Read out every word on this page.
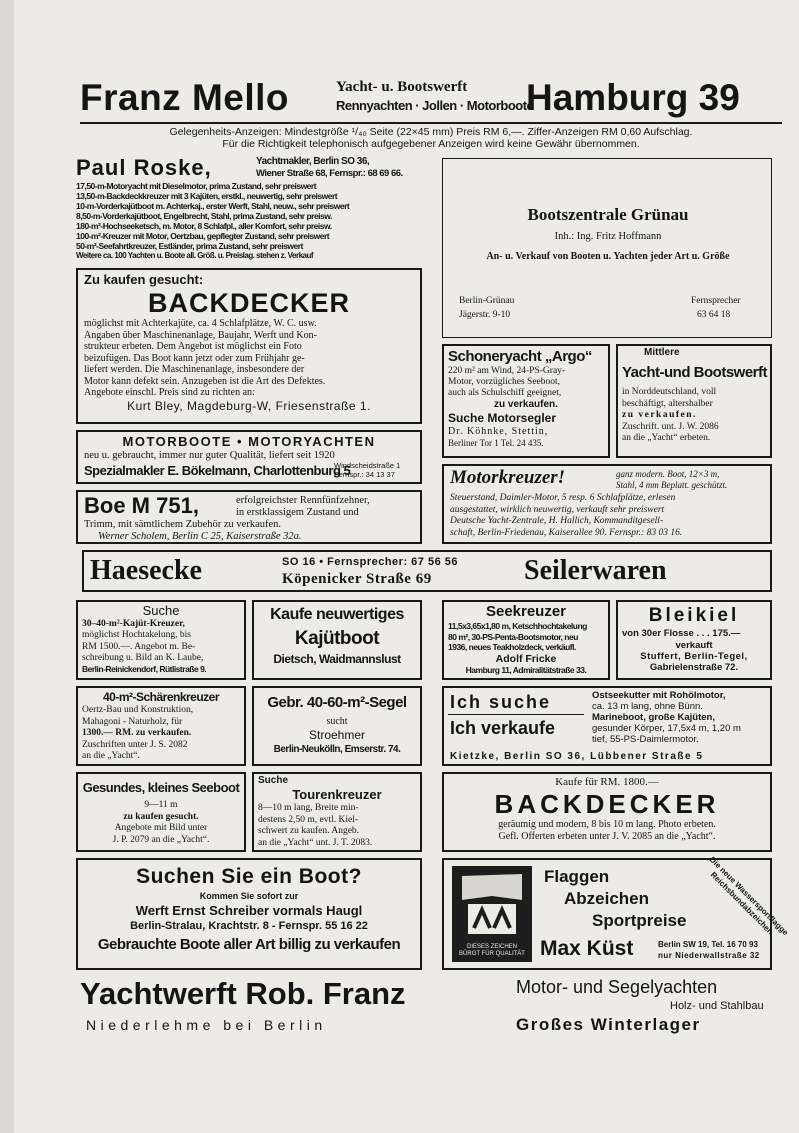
Franz Mello	Yacht- u. Bootswerft
Rennyachten · Jollen · Motorboote
Hamburg 39
Gelegenheits-Anzeigen: Mindestgröße ¹/₄₀ Seite (22×45 mm) Preis RM 6,—. Ziffer-Anzeigen RM 0,60 Aufschlag.
Für die Richtigkeit telephonisch aufgegebener Anzeigen wird keine Gewähr übernommen.
Paul Roske,	Yachtmakler, Berlin SO 36,
Wiener Straße 68, Fernspr.: 68 69 66.
17,50-m-Motoryacht mit Dieselmotor, prima Zustand, sehr preiswert
13,50-m-Backdeckkreuzer mit 3 Kajüten, erstkl., neuwertig, sehr preiswert
10-m-Vorderkajütboot m. Achterkaj., erster Werft, Stahl, neuw., sehr preiswert
8,50-m-Vorderkajütboot, Engelbrecht, Stahl, prima Zustand, sehr preisw.
180-m²-Hochseeketsch, m. Motor, 8 Schlafpl., aller Komfort, sehr preisw.
100-m²-Kreuzer mit Motor, Oertzbau, gepflegter Zustand, sehr preiswert
50-m²-Seefahrtkreuzer, Estländer, prima Zustand, sehr preiswert
Weitere ca. 100 Yachten u. Boote all. Größ. u. Preislag. stehen z. Verkauf
Zu kaufen gesucht:
BACKDECKER
möglichst mit Achterkajüte, ca. 4 Schlafplätze, W. C. usw.
Angaben über Maschinenanlage, Baujahr, Werft und Kon-
strukteur erbeten. Dem Angebot ist möglichst ein Foto
beizufügen. Das Boot kann jetzt oder zum Frühjahr ge-
liefert werden. Die Maschinenanlage, insbesondere der
Motor kann defekt sein. Anzugeben ist die Art des Defektes.
Angebote einschl. Preis sind zu richten an:
Kurt Bley, Magdeburg-W, Friesenstraße 1.
MOTORBOOTE • MOTORYACHTEN
neu u. gebraucht, immer nur guter Qualität, liefert seit 1920
Spezialmakler E. Bökelmann, Charlottenburg 5
Windscheidstraße 1
Fernspr.: 34 13 37
Boe M 751,	erfolgreichster Rennfünfzehner,
in erstklassigem Zustand und
Trimm, mit sämtlichem Zubehör zu verkaufen.
Werner Scholem, Berlin C 25, Kaiserstraße 32a.
Bootszentrale Grünau
Inh.: Ing. Fritz Hoffmann
An- u. Verkauf von Booten u. Yachten jeder Art u. Größe
Berlin-Grünau
Jägerstr. 9-10
Fernsprecher
63 64 18
Schoneryacht „Argo“
220 m² am Wind, 24-PS-Gray-
Motor, vorzügliches Seeboot,
auch als Schulschiff geeignet,
zu verkaufen.
Suche Motorsegler
Dr. Köhnke, Stettin,
Berliner Tor 1 Tel. 24 435.
Mittlere
Yacht-und Bootswerft
in Norddeutschland, voll
beschäftigt, altershalber
zu verkaufen.
Zuschrift. unt. J. W. 2086
an die „Yacht“ erbeten.
Motorkreuzer!	ganz modern. Boot, 12×3 m,
Stahl, 4 mm Beplatt. geschützt.
Steuerstand, Daimler-Motor, 5 resp. 6 Schlafplätze, erlesen
ausgestattet, wirklich neuwertig, verkauft sehr preiswert
Deutsche Yacht-Zentrale, H. Hallich, Kommanditgesell-
schaft, Berlin-Friedenau, Kaiserallee 90. Fernspr.: 83 03 16.
Haesecke	SO 16 • Fernsprecher: 67 56 56
Köpenicker Straße 69	Seilerwaren
Suche
30–40-m²-Kajüt-Kreuzer,
möglichst Hochtakelung, bis
RM 1500.—. Angebot m. Be-
schreibung u. Bild an K. Laube,
Berlin-Reinickendorf, Rütlistraße 9.
Kaufe neuwertiges
Kajütboot
Dietsch, Waidmannslust
Seekreuzer
11,5x3,65x1,80 m, Ketschhochtakelung
80 m², 30-PS-Penta-Bootsmotor, neu
1936, neues Teakholzdeck, verkäufl.
Adolf Fricke
Hamburg 11, Admiralitätstraße 33.
Bleikiel
von 30er Flosse . . . 175.—
verkauft
Stuffert, Berlin-Tegel,
Gabrielenstraße 72.
40-m²-Schärenkreuzer
Oertz-Bau und Konstruktion,
Mahagoni - Naturholz, für
1300.— RM. zu verkaufen.
Zuschriften unter J. S. 2082
an die „Yacht“.
Gebr. 40-60-m²-Segel
sucht
Stroehmer
Berlin-Neukölln, Emserstr. 74.
Ich suche
Ich verkaufe
Ostseekutter mit Rohölmotor,
ca. 13 m lang, ohne Bünn.
Marineboot, große Kajüten,
gesunder Körper, 17,5x4 m, 1,20 m
tief, 55-PS-Daimlermotor.
Kietzke, Berlin SO 36, Lübbener Straße 5
Gesundes, kleines Seeboot
9—11 m
zu kaufen gesucht.
Angebote mit Bild unter
J. P. 2079 an die „Yacht“.
Suche
Tourenkreuzer
8—10 m lang, Breite min-
destens 2,50 m, evtl. Kiel-
schwert zu kaufen. Angeb.
an die „Yacht“ unt. J. T. 2083.
Kaufe für RM. 1800.—
BACKDECKER
geräumig und modern, 8 bis 10 m lang. Photo erbeten.
Gefl. Offerten erbeten unter J. V. 2085 an die „Yacht“.
Suchen Sie ein Boot?
Kommen Sie sofort zur
Werft Ernst Schreiber vormals Haugl
Berlin-Stralau, Krachtstr. 8 - Fernspr. 55 16 22
Gebrauchte Boote aller Art billig zu verkaufen	DIESES ZEICHEN BÜRGT FÜR QUALITÄT
Flaggen
Abzeichen
Sportpreise
Max Küst	Berlin SW 19, Tel. 16 70 93
nur Niederwallstraße 32
Die neue Wassersportflagge Reichsbundabzeichen
Yachtwerft Rob. Franz
Niederlehme bei Berlin
Motor- und Segelyachten
Holz- und Stahlbau
Großes Winterlager
